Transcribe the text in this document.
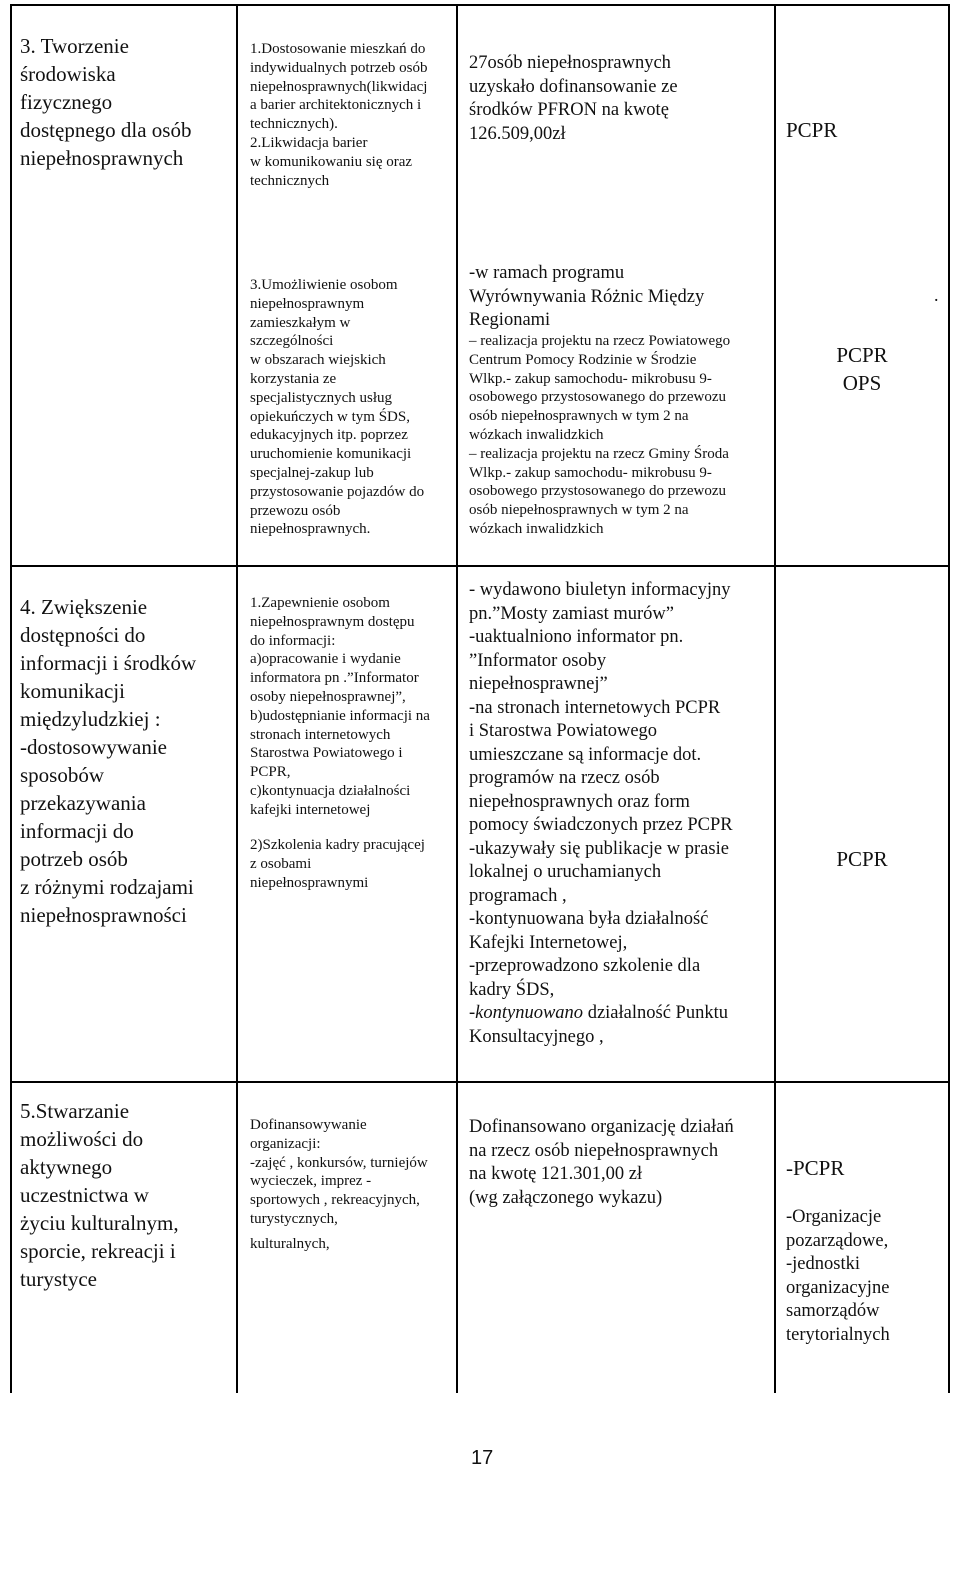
3. Tworzenie
środowiska
fizycznego
dostępnego dla osób
niepełnosprawnych
1.Dostosowanie mieszkań do
indywidualnych potrzeb osób
niepełnosprawnych(likwidacj
a barier architektonicznych i
technicznych).
2.Likwidacja barier
w komunikowaniu się oraz
technicznych
27osób niepełnosprawnych
uzyskało dofinansowanie ze
środków PFRON na kwotę
126.509,00zł	PCPR
3.Umożliwienie osobom
niepełnosprawnym
zamieszkałym w
szczególności
w obszarach wiejskich
korzystania ze
specjalistycznych usług
opiekuńczych w tym ŚDS,
edukacyjnych itp. poprzez
uruchomienie komunikacji
specjalnej-zakup lub
przystosowanie pojazdów do
przewozu osób
niepełnosprawnych.
-w ramach programu
Wyrównywania Różnic Między
Regionami
– realizacja projektu na rzecz Powiatowego
Centrum Pomocy Rodzinie w Środzie
Wlkp.- zakup samochodu- mikrobusu 9-
osobowego przystosowanego do przewozu
osób niepełnosprawnych w tym 2 na
wózkach inwalidzkich
– realizacja projektu na rzecz Gminy Środa
Wlkp.- zakup samochodu- mikrobusu 9-
osobowego przystosowanego do przewozu
osób niepełnosprawnych w tym 2 na
wózkach inwalidzkich
PCPR
OPS
.
4. Zwiększenie
dostępności do
informacji i środków
komunikacji
międzyludzkiej :
-dostosowywanie
sposobów
przekazywania
informacji do
potrzeb osób
z różnymi rodzajami
niepełnosprawności
1.Zapewnienie osobom
niepełnosprawnym dostępu
do informacji:
a)opracowanie i wydanie
informatora pn .”Informator
osoby niepełnosprawnej”,
b)udostępnianie informacji na
stronach internetowych
Starostwa Powiatowego i
PCPR,
c)kontynuacja działalności
kafejki internetowej
2)Szkolenia kadry pracującej
z osobami
niepełnosprawnymi
- wydawono biuletyn informacyjny
pn.”Mosty zamiast murów”
-uaktualniono informator pn.
”Informator osoby
niepełnosprawnej”
-na stronach internetowych PCPR
i Starostwa Powiatowego
umieszczane są informacje dot.
programów na rzecz osób
niepełnosprawnych oraz form
pomocy świadczonych przez PCPR
-ukazywały się publikacje w prasie
lokalnej o uruchamianych
programach ,
-kontynuowana była działalność
Kafejki Internetowej,
-przeprowadzono szkolenie dla
kadry ŚDS,
-kontynuowano działalność Punktu
Konsultacyjnego ,
PCPR
5.Stwarzanie
możliwości do
aktywnego
uczestnictwa w
życiu kulturalnym,
sporcie, rekreacji i
turystyce
Dofinansowywanie
organizacji:
-zajęć , konkursów, turniejów
wycieczek, imprez -
sportowych , rekreacyjnych,
turystycznych,
kulturalnych,
Dofinansowano organizację działań
na rzecz osób niepełnosprawnych
na kwotę 121.301,00 zł
(wg załączonego wykazu)
-PCPR
-Organizacje
pozarządowe,
-jednostki
organizacyjne
samorządów
terytorialnych
17
